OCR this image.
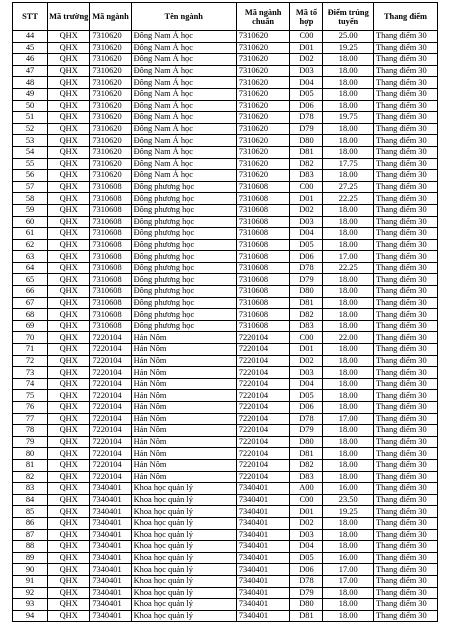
STT	Mã trường	Mã ngành	Tên ngành	Mã ngành chuẩn	Mã tổ hợp	Điểm trúng tuyển	Thang điểm
44	QHX	7310620	Đông Nam Á học	7310620	C00	25.00	Thang điểm 30
45	QHX	7310620	Đông Nam Á học	7310620	D01	19.25	Thang điểm 30
46	QHX	7310620	Đông Nam Á học	7310620	D02	18.00	Thang điểm 30
47	QHX	7310620	Đông Nam Á học	7310620	D03	18.00	Thang điểm 30
48	QHX	7310620	Đông Nam Á học	7310620	D04	18.00	Thang điểm 30
49	QHX	7310620	Đông Nam Á học	7310620	D05	18.00	Thang điểm 30
50	QHX	7310620	Đông Nam Á học	7310620	D06	18.00	Thang điểm 30
51	QHX	7310620	Đông Nam Á học	7310620	D78	19.75	Thang điểm 30
52	QHX	7310620	Đông Nam Á học	7310620	D79	18.00	Thang điểm 30
53	QHX	7310620	Đông Nam Á học	7310620	D80	18.00	Thang điểm 30
54	QHX	7310620	Đông Nam Á học	7310620	D81	18.00	Thang điểm 30
55	QHX	7310620	Đông Nam Á học	7310620	D82	17.75	Thang điểm 30
56	QHX	7310620	Đông Nam Á học	7310620	D83	18.00	Thang điểm 30
57	QHX	7310608	Đông phương học	7310608	C00	27.25	Thang điểm 30
58	QHX	7310608	Đông phương học	7310608	D01	22.25	Thang điểm 30
59	QHX	7310608	Đông phương học	7310608	D02	18.00	Thang điểm 30
60	QHX	7310608	Đông phương học	7310608	D03	18.00	Thang điểm 30
61	QHX	7310608	Đông phương học	7310608	D04	18.00	Thang điểm 30
62	QHX	7310608	Đông phương học	7310608	D05	18.00	Thang điểm 30
63	QHX	7310608	Đông phương học	7310608	D06	17.00	Thang điểm 30
64	QHX	7310608	Đông phương học	7310608	D78	22.25	Thang điểm 30
65	QHX	7310608	Đông phương học	7310608	D79	18.00	Thang điểm 30
66	QHX	7310608	Đông phương học	7310608	D80	18.00	Thang điểm 30
67	QHX	7310608	Đông phương học	7310608	D81	18.00	Thang điểm 30
68	QHX	7310608	Đông phương học	7310608	D82	18.00	Thang điểm 30
69	QHX	7310608	Đông phương học	7310608	D83	18.00	Thang điểm 30
70	QHX	7220104	Hán Nôm	7220104	C00	22.00	Thang điểm 30
71	QHX	7220104	Hán Nôm	7220104	D01	18.00	Thang điểm 30
72	QHX	7220104	Hán Nôm	7220104	D02	18.00	Thang điểm 30
73	QHX	7220104	Hán Nôm	7220104	D03	18.00	Thang điểm 30
74	QHX	7220104	Hán Nôm	7220104	D04	18.00	Thang điểm 30
75	QHX	7220104	Hán Nôm	7220104	D05	18.00	Thang điểm 30
76	QHX	7220104	Hán Nôm	7220104	D06	18.00	Thang điểm 30
77	QHX	7220104	Hán Nôm	7220104	D78	17.00	Thang điểm 30
78	QHX	7220104	Hán Nôm	7220104	D79	18.00	Thang điểm 30
79	QHX	7220104	Hán Nôm	7220104	D80	18.00	Thang điểm 30
80	QHX	7220104	Hán Nôm	7220104	D81	18.00	Thang điểm 30
81	QHX	7220104	Hán Nôm	7220104	D82	18.00	Thang điểm 30
82	QHX	7220104	Hán Nôm	7220104	D83	18.00	Thang điểm 30
83	QHX	7340401	Khoa học quản lý	7340401	A00	16.00	Thang điểm 30
84	QHX	7340401	Khoa học quản lý	7340401	C00	23.50	Thang điểm 30
85	QHX	7340401	Khoa học quản lý	7340401	D01	19.25	Thang điểm 30
86	QHX	7340401	Khoa học quản lý	7340401	D02	18.00	Thang điểm 30
87	QHX	7340401	Khoa học quản lý	7340401	D03	18.00	Thang điểm 30
88	QHX	7340401	Khoa học quản lý	7340401	D04	18.00	Thang điểm 30
89	QHX	7340401	Khoa học quản lý	7340401	D05	16.00	Thang điểm 30
90	QHX	7340401	Khoa học quản lý	7340401	D06	17.00	Thang điểm 30
91	QHX	7340401	Khoa học quản lý	7340401	D78	17.00	Thang điểm 30
92	QHX	7340401	Khoa học quản lý	7340401	D79	18.00	Thang điểm 30
93	QHX	7340401	Khoa học quản lý	7340401	D80	18.00	Thang điểm 30
94	QHX	7340401	Khoa học quản lý	7340401	D81	18.00	Thang điểm 30
